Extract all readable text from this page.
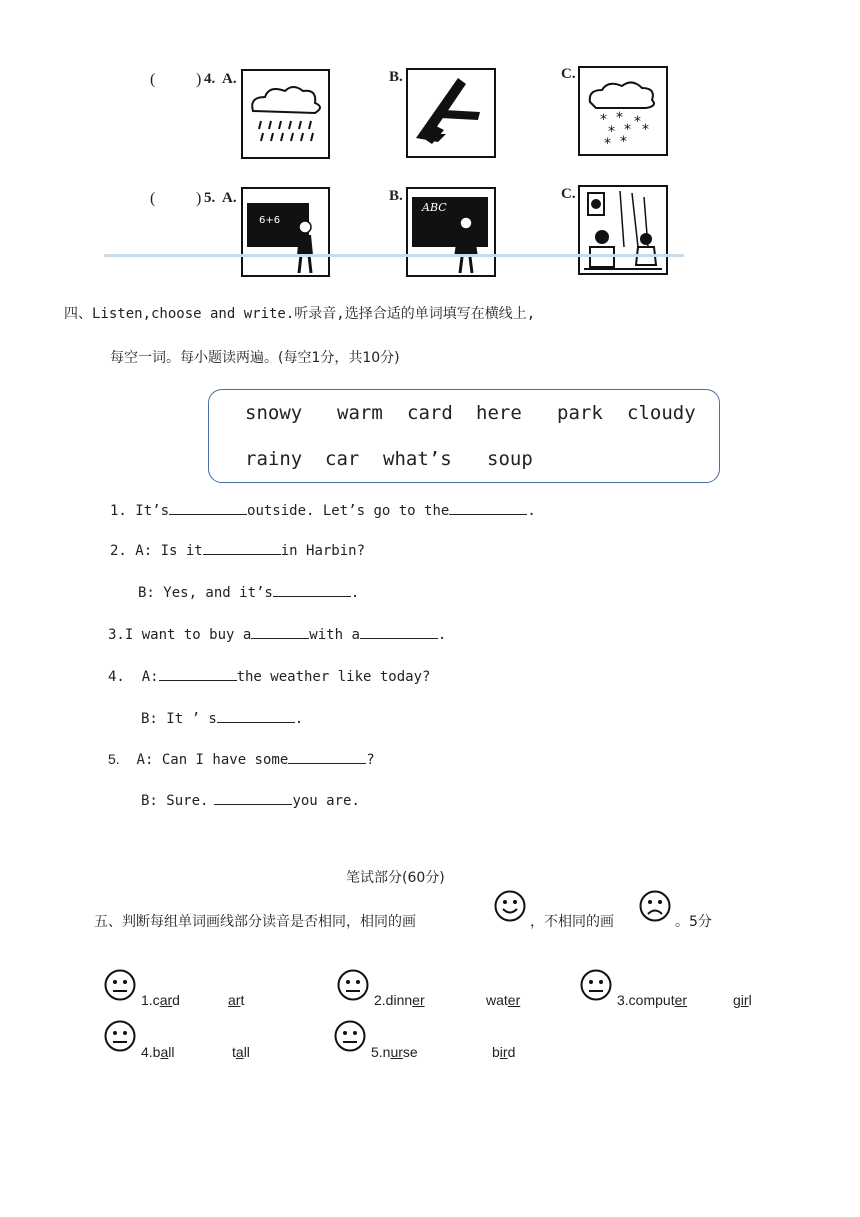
(	) 4. A.	B.	C.
* * *
* * *
* *
(	) 5. A.
6+6
B.
ABC
C.
四、Listen,choose and write.听录音,选择合适的单词填写在横线上,
每空一词。每小题读两遍。(每空1分，共10分)
snowy warm card here park cloudy
rainy car what’s soup
1. It’s	outside. Let’s go to the	.
2. A: Is it	in Harbin?
B: Yes, and it’s	.
3.I want to buy a	with a	.
4. A:	the weather like today?
B: It ’ s	.
5. A: Can I have some	?
B: Sure.	you are.
笔试部分(60分)
五、判断每组单词画线部分读音是否相同，相同的画	，不相同的画	。5分
1.card	art	2.dinner	water	3.computer	girl
4.ball	tall	5.nurse	bird
